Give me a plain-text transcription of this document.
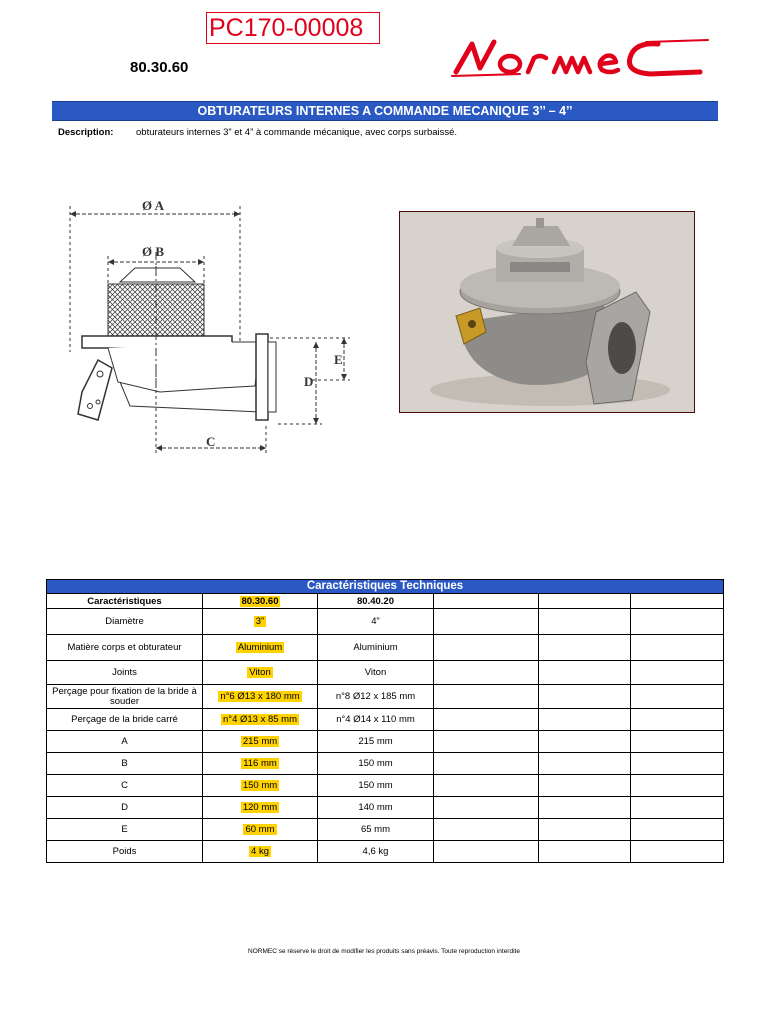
PC170-00008
80.30.60
NormeC
OBTURATEURS INTERNES A COMMANDE MECANIQUE 3’’ – 4’’
Description: obturateurs internes 3” et 4” à commande mécanique, avec corps surbaissé.
Ø A
Ø B
C
D
E
Caractéristiques Techniques					
Caractéristiques	80.30.60	80.40.20			
Diamètre	3”	4”			
Matière corps et obturateur	Aluminium	Aluminium			
Joints	Viton	Viton			
Perçage pour fixation de la bride à souder	n°6 Ø13 x 180 mm	n°8 Ø12 x 185 mm			
Perçage de la bride carré	n°4 Ø13 x 85 mm	n°4 Ø14 x 110 mm			
A	215 mm	215 mm			
B	116 mm	150 mm			
C	150 mm	150 mm			
D	120 mm	140 mm			
E	60 mm	65 mm			
Poids	4 kg	4,6 kg			
NORMEC se réserve le droit de modifier les produits sans préavis. Toute reproduction interdite
